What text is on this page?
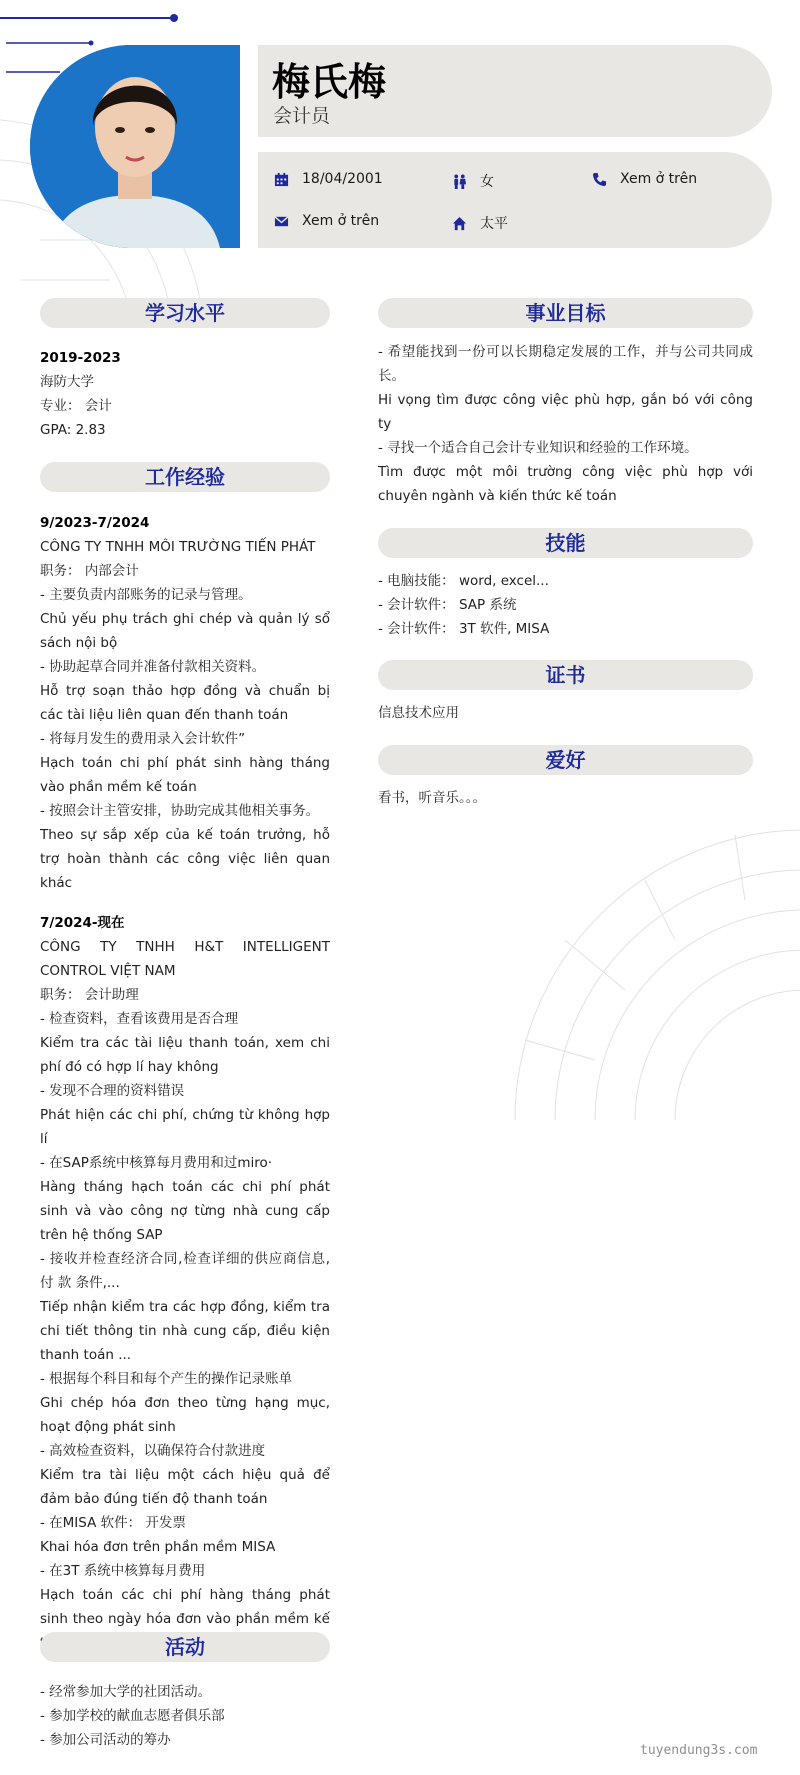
梅氏梅
会计员
18/04/2001	女	Xem ở trên
Xem ở trên	太平
学习水平
2019-2023
海防大学
专业： 会计
GPA: 2.83
工作经验
9/2023-7/2024

CÔNG TY TNHH MÔI TRƯỜNG TIẾN PHÁT

职务： 内部会计

- 主要负责内部账务的记录与管理。

Chủ yếu phụ trách ghi chép và quản lý sổ sách nội bộ

- 协助起草合同并准备付款相关资料。

Hỗ trợ soạn thảo hợp đồng và chuẩn bị các tài liệu liên quan đến thanh toán

- 将每月发生的费用录入会计软件”

Hạch toán chi phí phát sinh hàng tháng vào phần mềm kế toán

- 按照会计主管安排，协助完成其他相关事务。

Theo sự sắp xếp của kế toán trưởng, hỗ trợ hoàn thành các công việc liên quan khác

7/2024-现在

CÔNG TY TNHH H&T INTELLIGENT CONTROL VIỆT NAM

职务： 会计助理

- 检查资料，查看该费用是否合理

Kiểm tra các tài liệu thanh toán, xem chi phí đó có hợp lí hay không

- 发现不合理的资料错误

Phát hiện các chi phí, chứng từ không hợp lí

- 在SAP系统中核算每月费用和过miro·

Hàng tháng hạch toán các chi phí phát sinh và vào công nợ từng nhà cung cấp trên hệ thống SAP

- 接收并检查经济合同,检查详细的供应商信息, 付 款 条件,...

Tiếp nhận kiểm tra các hợp đồng, kiểm tra chi tiết thông tin nhà cung cấp, điều kiện thanh toán ...

- 根据每个科目和每个产生的操作记录账单

Ghi chép hóa đơn theo từng hạng mục, hoạt động phát sinh

- 高效检查资料，以确保符合付款进度

Kiểm tra tài liệu một cách hiệu quả để đảm bảo đúng tiến độ thanh toán

- 在MISA 软件： 开发票

Khai hóa đơn trên phần mềm MISA

- 在3T 系统中核算每月费用

Hạch toán các chi phí hàng tháng phát sinh theo ngày hóa đơn vào phần mềm kế

活动
- 经常参加大学的社团活动。
- 参加学校的献血志愿者俱乐部
- 参加公司活动的筹办
事业目标

- 希望能找到一份可以长期稳定发展的工作，并与公司共同成长。

Hi vọng tìm được công việc phù hợp, gắn bó với công ty

- 寻找一个适合自己会计专业知识和经验的工作环境。

Tìm được một môi trường công việc phù hợp với chuyên ngành và kiến thức kế toán

技能
- 电脑技能： word, excel...
- 会计软件： SAP 系统
- 会计软件： 3T 软件, MISA
证书
信息技术应用
爱好
看书，听音乐。。。
tuyendung3s.com
